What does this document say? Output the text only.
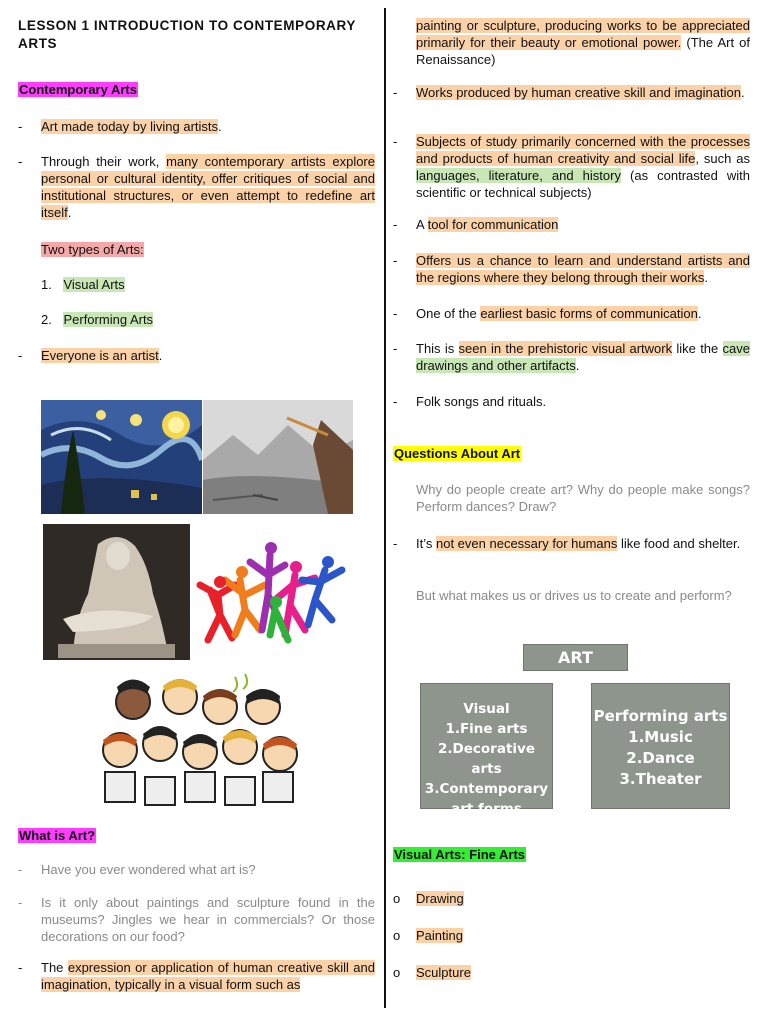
LESSON 1 INTRODUCTION TO CONTEMPORARY ARTS
Contemporary Arts
- Art made today by living artists.
- Through their work, many contemporary artists explore personal or cultural identity, offer critiques of social and institutional structures, or even attempt to redefine art itself.
Two types of Arts:
1. Visual Arts
2. Performing Arts
- Everyone is an artist.
What is Art?
- Have you ever wondered what art is?
- Is it only about paintings and sculpture found in the museums? Jingles we hear in commercials? Or those decorations on our food?
- The expression or application of human creative skill and imagination, typically in a visual form such as
painting or sculpture, producing works to be appreciated primarily for their beauty or emotional power. (The Art of Renaissance)
- Works produced by human creative skill and imagination.
- Subjects of study primarily concerned with the processes and products of human creativity and social life, such as languages, literature, and history (as contrasted with scientific or technical subjects)
- A tool for communication
- Offers us a chance to learn and understand artists and the regions where they belong through their works.
- One of the earliest basic forms of communication.
- This is seen in the prehistoric visual artwork like the cave drawings and other artifacts.
- Folk songs and rituals.
Questions About Art
Why do people create art? Why do people make songs? Perform dances? Draw?
- It’s not even necessary for humans like food and shelter.
But what makes us or drives us to create and perform?
ART
Visual
1.Fine arts
2.Decorative arts
3.Contemporary
art forms
Performing arts
1.Music
2.Dance
3.Theater
Visual Arts: Fine Arts
o Drawing
o Painting
o Sculpture
